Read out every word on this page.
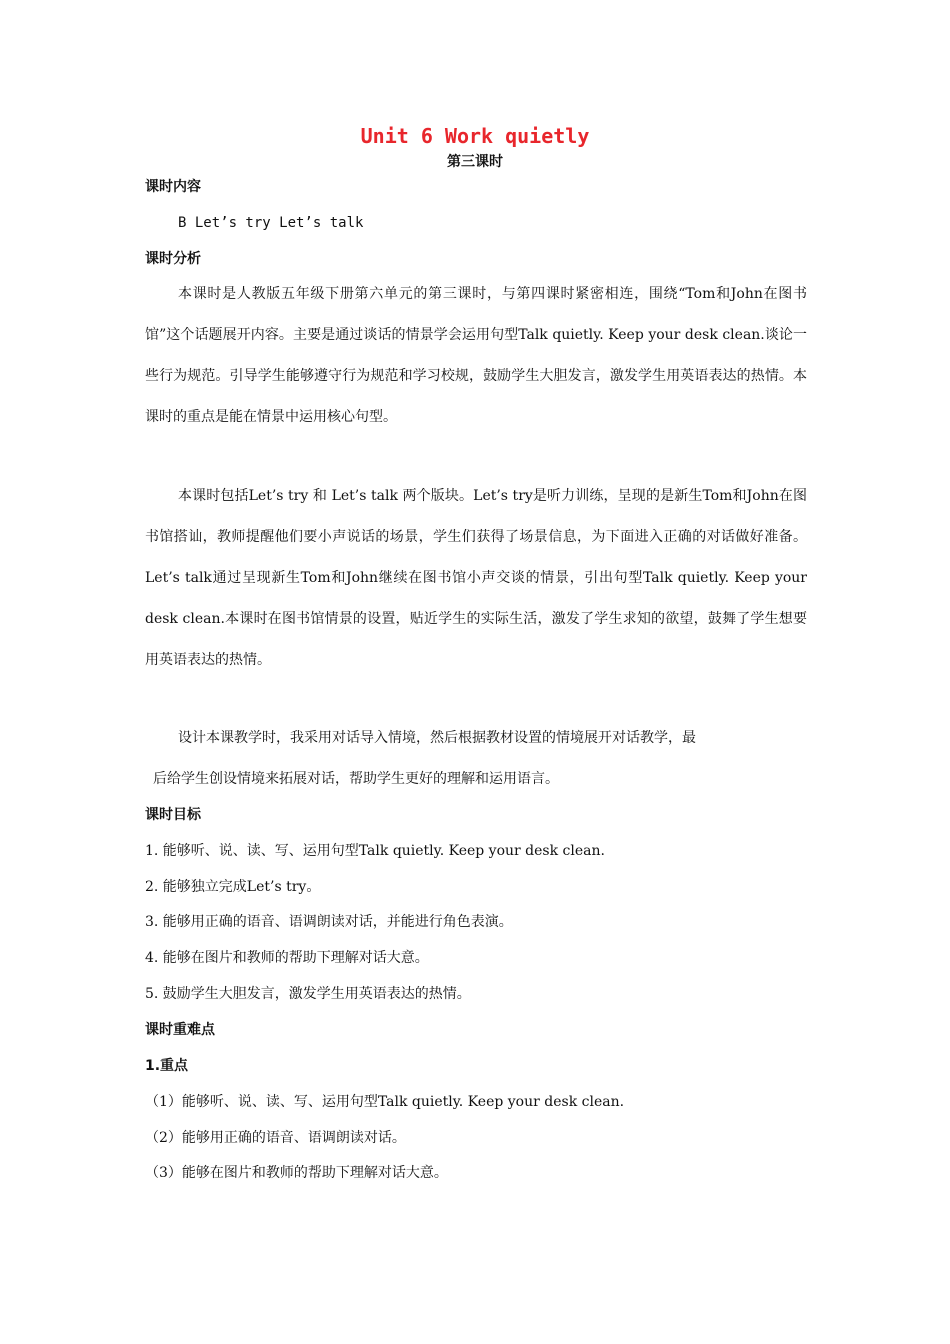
Unit 6 Work quietly
第三课时
课时内容
B Let’s try Let’s talk
课时分析
本课时是人教版五年级下册第六单元的第三课时，与第四课时紧密相连，围绕“Tom和John在图书馆”这个话题展开内容。主要是通过谈话的情景学会运用句型Talk quietly. Keep your desk clean.谈论一些行为规范。引导学生能够遵守行为规范和学习校规，鼓励学生大胆发言，激发学生用英语表达的热情。本课时的重点是能在情景中运用核心句型。
本课时包括Let’s try 和 Let’s talk 两个版块。Let’s try是听力训练，呈现的是新生Tom和John在图书馆搭讪，教师提醒他们要小声说话的场景，学生们获得了场景信息，为下面进入正确的对话做好准备。Let’s talk通过呈现新生Tom和John继续在图书馆小声交谈的情景，引出句型Talk quietly. Keep your desk clean.本课时在图书馆情景的设置，贴近学生的实际生活，激发了学生求知的欲望，鼓舞了学生想要用英语表达的热情。
设计本课教学时，我采用对话导入情境，然后根据教材设置的情境展开对话教学，最
后给学生创设情境来拓展对话，帮助学生更好的理解和运用语言。
课时目标
1. 能够听、说、读、写、运用句型Talk quietly. Keep your desk clean.
2. 能够独立完成Let’s try。
3. 能够用正确的语音、语调朗读对话，并能进行角色表演。
4. 能够在图片和教师的帮助下理解对话大意。
5. 鼓励学生大胆发言，激发学生用英语表达的热情。
课时重难点
1.重点
（1）能够听、说、读、写、运用句型Talk quietly. Keep your desk clean.
（2）能够用正确的语音、语调朗读对话。
（3）能够在图片和教师的帮助下理解对话大意。
